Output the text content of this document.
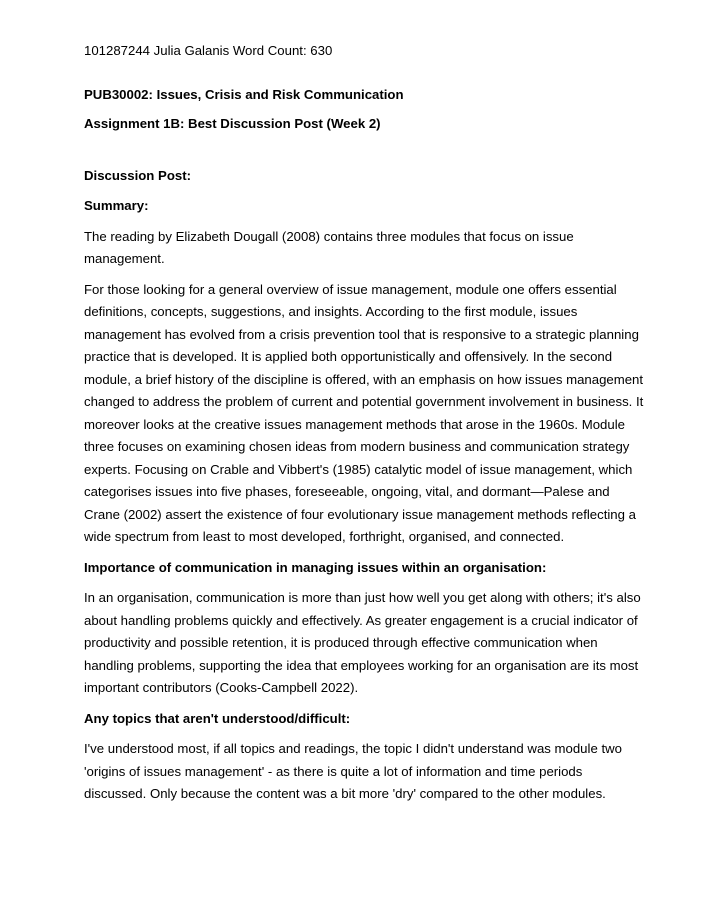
101287244 Julia Galanis Word Count: 630

PUB30002: Issues, Crisis and Risk Communication

Assignment 1B: Best Discussion Post (Week 2)

Discussion Post:

Summary:

The reading by Elizabeth Dougall (2008) contains three modules that focus on issue management.

For those looking for a general overview of issue management, module one offers essential definitions, concepts, suggestions, and insights. According to the first module, issues management has evolved from a crisis prevention tool that is responsive to a strategic planning practice that is developed. It is applied both opportunistically and offensively. In the second module, a brief history of the discipline is offered, with an emphasis on how issues management changed to address the problem of current and potential government involvement in business. It moreover looks at the creative issues management methods that arose in the 1960s. Module three focuses on examining chosen ideas from modern business and communication strategy experts. Focusing on Crable and Vibbert's (1985) catalytic model of issue management, which categorises issues into five phases, foreseeable, ongoing, vital, and dormant—Palese and Crane (2002) assert the existence of four evolutionary issue management methods reflecting a wide spectrum from least to most developed, forthright, organised, and connected.

Importance of communication in managing issues within an organisation:

In an organisation, communication is more than just how well you get along with others; it's also about handling problems quickly and effectively. As greater engagement is a crucial indicator of productivity and possible retention, it is produced through effective communication when handling problems, supporting the idea that employees working for an organisation are its most important contributors (Cooks-Campbell 2022).

Any topics that aren't understood/difficult:

I've understood most, if all topics and readings, the topic I didn't understand was module two 'origins of issues management' - as there is quite a lot of information and time periods discussed. Only because the content was a bit more 'dry' compared to the other modules.
